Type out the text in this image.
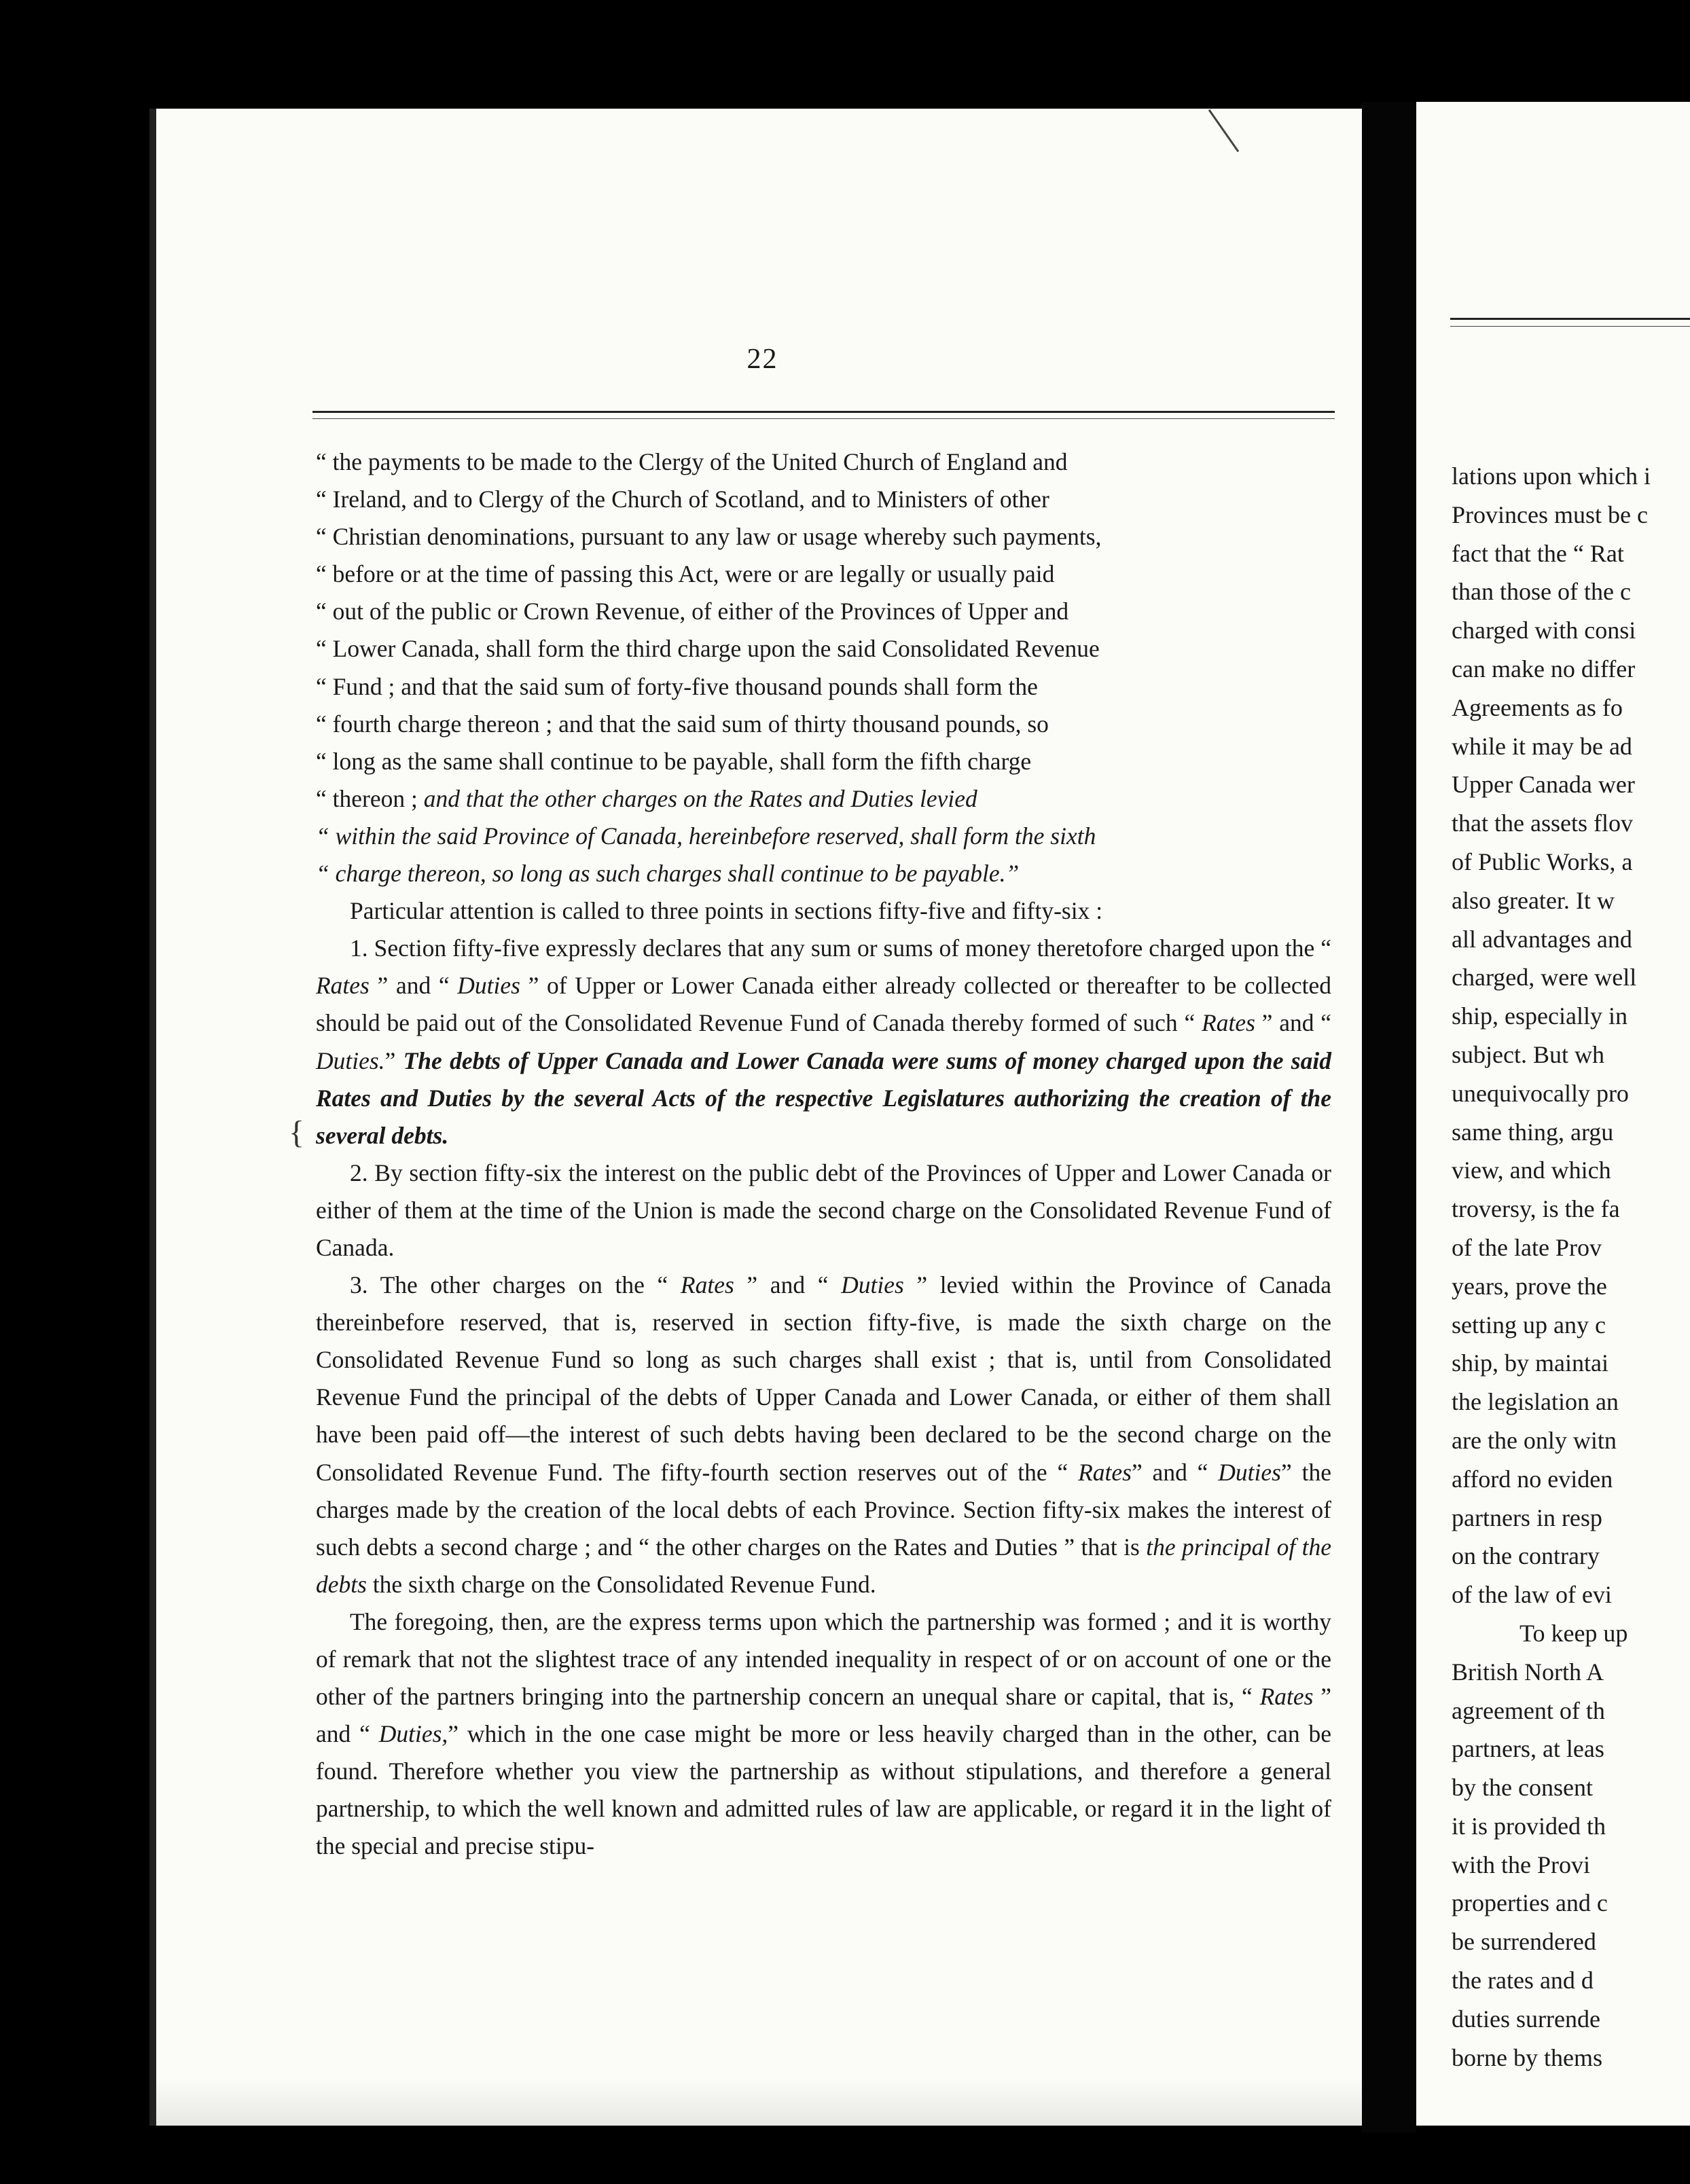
22

“ the payments to be made to the Clergy of the United Church of England and

“ Ireland, and to Clergy of the Church of Scotland, and to Ministers of other

“ Christian denominations, pursuant to any law or usage whereby such payments,

“ before or at the time of passing this Act, were or are legally or usually paid

“ out of the public or Crown Revenue, of either of the Provinces of Upper and

“ Lower Canada, shall form the third charge upon the said Consolidated Revenue

“ Fund ; and that the said sum of forty-five thousand pounds shall form the

“ fourth charge thereon ; and that the said sum of thirty thousand pounds, so

“ long as the same shall continue to be payable, shall form the fifth charge

“ thereon ; and that the other charges on the Rates and Duties levied

“ within the said Province of Canada, hereinbefore reserved, shall form the sixth

“ charge thereon, so long as such charges shall continue to be payable.”

Particular attention is called to three points in sections fifty-five and fifty-six :

1. Section fifty-five expressly declares that any sum or sums of money theretofore charged upon the “ Rates ” and “ Duties ” of Upper or Lower Canada either already collected or thereafter to be collected should be paid out of the Consolidated Revenue Fund of Canada thereby formed of such “ Rates ” and “ Duties.” The debts of Upper Canada and Lower Canada were sums of money charged upon the said Rates and Duties by the several Acts of the respective Legislatures authorizing the creation of the several debts.

2. By section fifty-six the interest on the public debt of the Provinces of Upper and Lower Canada or either of them at the time of the Union is made the second charge on the Consolidated Revenue Fund of Canada.

3. The other charges on the “ Rates ” and “ Duties ” levied within the Province of Canada thereinbefore reserved, that is, reserved in section fifty-five, is made the sixth charge on the Consolidated Revenue Fund so long as such charges shall exist ; that is, until from Consolidated Revenue Fund the principal of the debts of Upper Canada and Lower Canada, or either of them shall have been paid off—the interest of such debts having been declared to be the second charge on the Consolidated Revenue Fund. The fifty-fourth section reserves out of the “ Rates” and “ Duties” the charges made by the creation of the local debts of each Province. Section fifty-six makes the interest of such debts a second charge ; and “ the other charges on the Rates and Duties ” that is the principal of the debts the sixth charge on the Consolidated Revenue Fund.

The foregoing, then, are the express terms upon which the partnership was formed ; and it is worthy of remark that not the slightest trace of any intended inequality in respect of or on account of one or the other of the partners bringing into the partnership concern an unequal share or capital, that is, “ Rates ” and “ Duties,” which in the one case might be more or less heavily charged than in the other, can be found. Therefore whether you view the partnership as without stipulations, and therefore a general partnership, to which the well known and admitted rules of law are applicable, or regard it in the light of the special and precise stipu-

{
lations upon which i
Provinces must be c
fact that the “ Rat
than those of the c
charged with consi
can make no differ
Agreements as fo
while it may be ad
Upper Canada wer
that the assets flov
of Public Works, a
also greater. It w
all advantages and
charged, were well
ship, especially in
subject. But wh
unequivocally pro
same thing, argu
view, and which
troversy, is the fa
of the late Prov
years, prove the
setting up any c
ship, by maintai
the legislation an
are the only witn
afford no eviden
partners in resp
on the contrary
of the law of evi
To keep up
British North A
agreement of th
partners, at leas
by the consent
it is provided th
with the Provi
properties and c
be surrendered
the rates and d
duties surrende
borne by thems
